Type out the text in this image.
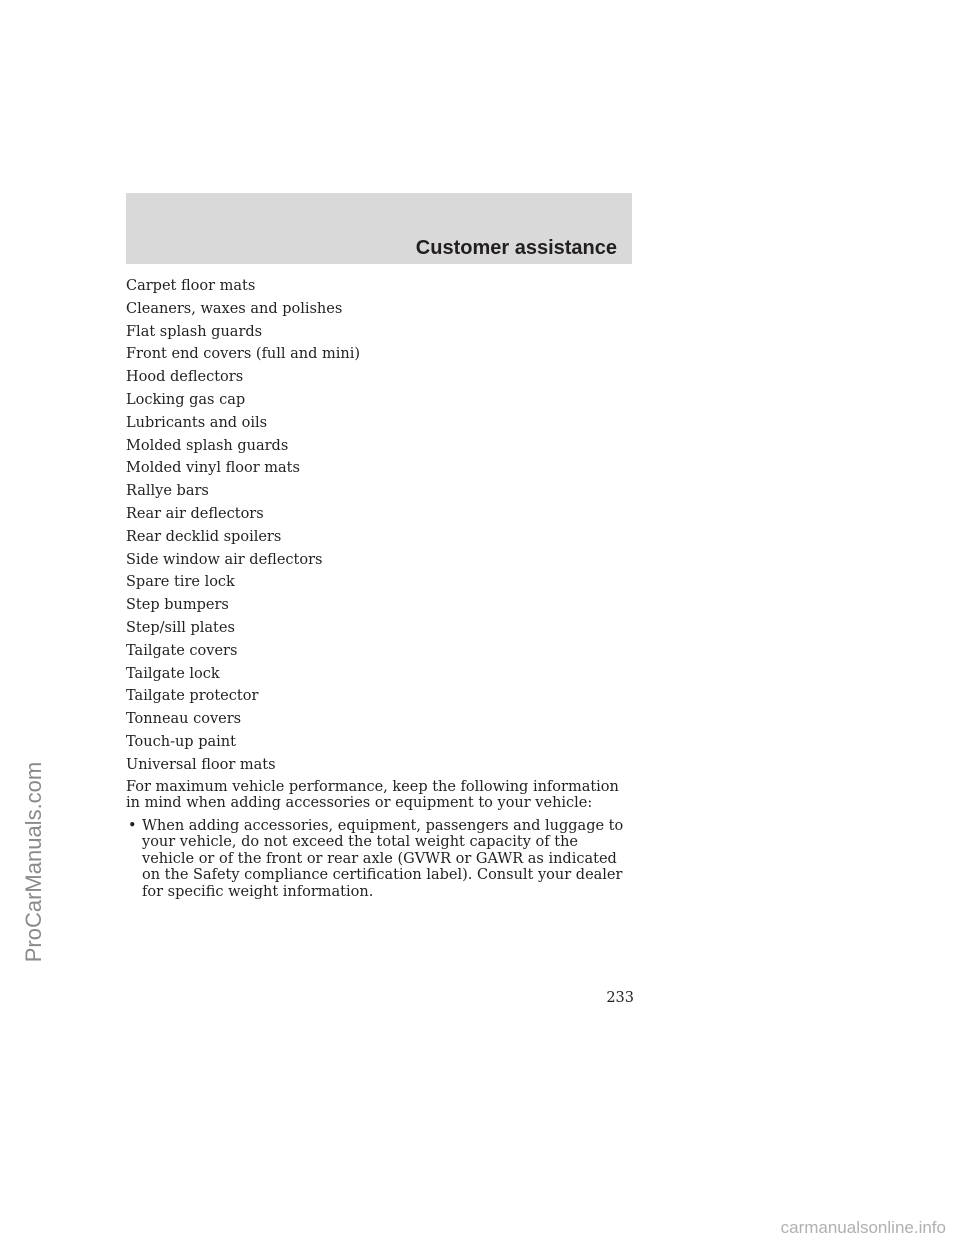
Customer assistance
Carpet floor mats
Cleaners, waxes and polishes
Flat splash guards
Front end covers (full and mini)
Hood deflectors
Locking gas cap
Lubricants and oils
Molded splash guards
Molded vinyl floor mats
Rallye bars
Rear air deflectors
Rear decklid spoilers
Side window air deflectors
Spare tire lock
Step bumpers
Step/sill plates
Tailgate covers
Tailgate lock
Tailgate protector
Tonneau covers
Touch-up paint
Universal floor mats

For maximum vehicle performance, keep the following information in mind when adding accessories or equipment to your vehicle:

• When adding accessories, equipment, passengers and luggage to your vehicle, do not exceed the total weight capacity of the vehicle or of the front or rear axle (GVWR or GAWR as indicated on the Safety compliance certification label). Consult your dealer for specific weight information.
233
ProCarManuals.com
carmanualsonline.info
